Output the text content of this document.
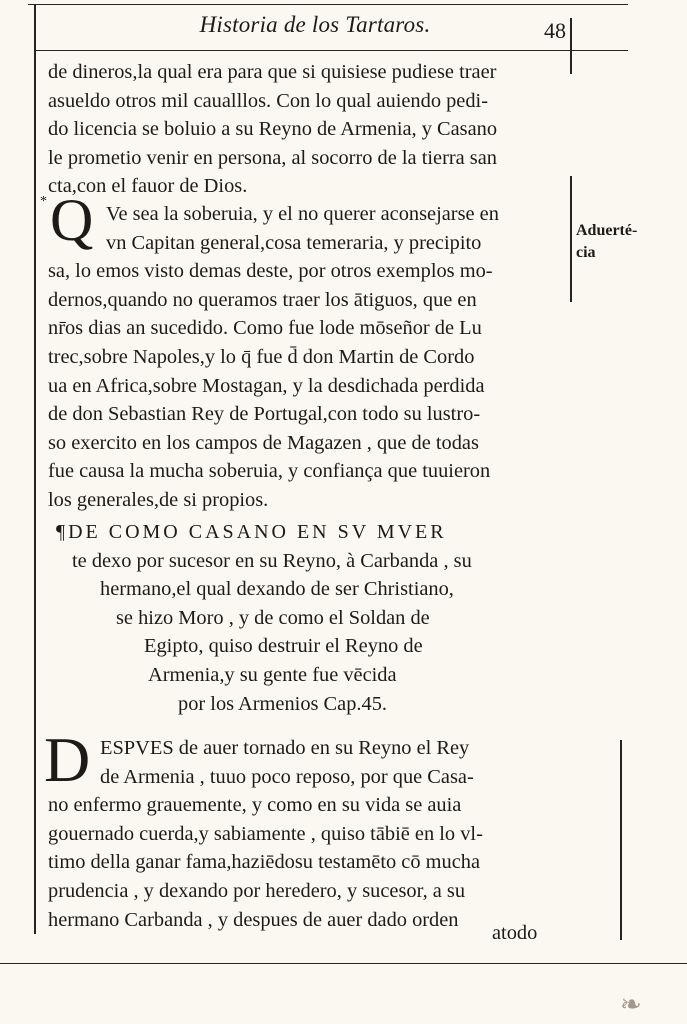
Historia de los Tartaros.	48
de dineros,la qual era para que si quisiese pudiese traer
asueldo otros mil caualllos. Con lo qual auiendo pedi-
do licencia se boluio a su Reyno de Armenia, y Casano
le prometio venir en persona, al socorro de la tierra san
cta,con el fauor de Dios.
* Q Ve sea la soberuia, y el no querer aconsejarse en
vn Capitan general,cosa temeraria, y precipito
sa, lo emos visto demas deste, por otros exemplos mo-
dernos,quando no queramos traer los ātiguos, que en
nr̄os dias an sucedido. Como fue lode mōseñor de Lu
trec,sobre Napoles,y lo q̄ fue d̄ don Martin de Cordo
ua en Africa,sobre Mostagan, y la desdichada perdida
de don Sebastian Rey de Portugal,con todo su lustro-
so exercito en los campos de Magazen , que de todas
fue causa la mucha soberuia, y confiança que tuuieron
los generales,de si propios.
Aduerté-
cia
¶DE COMO CASANO EN SV MVER
te dexo por sucesor en su Reyno, à Carbanda , su
hermano,el qual dexando de ser Christiano,
se hizo Moro , y de como el Soldan de
Egipto, quiso destruir el Reyno de
Armenia,y su gente fue vēcida
por los Armenios Cap.45.
D ESPVES de auer tornado en su Reyno el Rey
de Armenia , tuuo poco reposo, por que Casa-
no enfermo grauemente, y como en su vida se auia
gouernado cuerda,y sabiamente , quiso tābiē en lo vl-
timo della ganar fama,haziēdosu testamēto cō mucha
prudencia , y dexando por heredero, y sucesor, a su
hermano Carbanda , y despues de auer dado orden
atodo
❧
